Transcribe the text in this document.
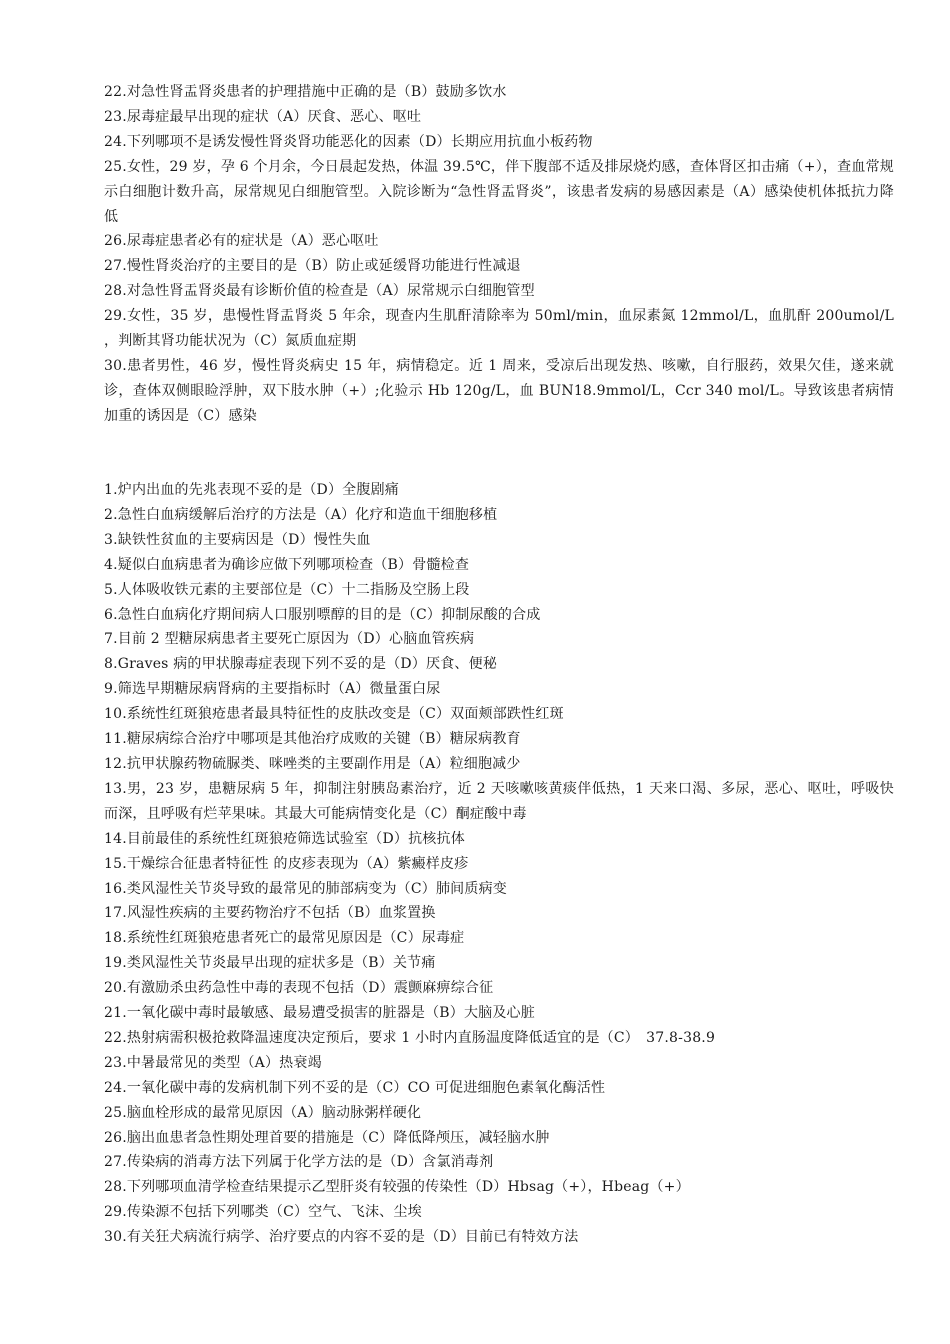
22.对急性肾盂肾炎患者的护理措施中正确的是（B）鼓励多饮水

23.尿毒症最早出现的症状（A）厌食、恶心、呕吐

24.下列哪项不是诱发慢性肾炎肾功能恶化的因素（D）长期应用抗血小板药物

25.女性，29 岁，孕 6 个月余，今日晨起发热，体温 39.5℃，伴下腹部不适及排尿烧灼感，查体肾区扣击痛（+），查血常规示白细胞计数升高，尿常规见白细胞管型。入院诊断为“急性肾盂肾炎”，该患者发病的易感因素是（A）感染使机体抵抗力降低

26.尿毒症患者必有的症状是（A）恶心呕吐

27.慢性肾炎治疗的主要目的是（B）防止或延缓肾功能进行性减退

28.对急性肾盂肾炎最有诊断价值的检查是（A）尿常规示白细胞管型

29.女性，35 岁，患慢性肾盂肾炎 5 年余，现查内生肌酐清除率为 50ml/min，血尿素氮 12mmol/L，血肌酐 200umol/L ，判断其肾功能状况为（C）氮质血症期

30.患者男性，46 岁，慢性肾炎病史 15 年，病情稳定。近 1 周来，受凉后出现发热、咳嗽，自行服药，效果欠佳，遂来就诊，查体双侧眼睑浮肿，双下肢水肿（+）;化验示 Hb 120g/L，血 BUN18.9mmol/L，Ccr 340 mol/L。导致该患者病情加重的诱因是（C）感染

1.炉内出血的先兆表现不妥的是（D）全腹剧痛

2.急性白血病缓解后治疗的方法是（A）化疗和造血干细胞移植

3.缺铁性贫血的主要病因是（D）慢性失血

4.疑似白血病患者为确诊应做下列哪项检查（B）骨髓检查

5.人体吸收铁元素的主要部位是（C）十二指肠及空肠上段

6.急性白血病化疗期间病人口服别嘌醇的目的是（C）抑制尿酸的合成

7.目前 2 型糖尿病患者主要死亡原因为（D）心脑血管疾病

8.Graves 病的甲状腺毒症表现下列不妥的是（D）厌食、便秘

9.筛选早期糖尿病肾病的主要指标时（A）微量蛋白尿

10.系统性红斑狼疮患者最具特征性的皮肤改变是（C）双面颊部跌性红斑

11.糖尿病综合治疗中哪项是其他治疗成败的关键（B）糖尿病教育

12.抗甲状腺药物硫脲类、咪唑类的主要副作用是（A）粒细胞减少

13.男，23 岁，患糖尿病 5 年，抑制注射胰岛素治疗，近 2 天咳嗽咳黄痰伴低热，1 天来口渴、多尿，恶心、呕吐，呼吸快而深，且呼吸有烂苹果味。其最大可能病情变化是（C）酮症酸中毒

14.目前最佳的系统性红斑狼疮筛选试验室（D）抗核抗体

15.干燥综合征患者特征性 的皮疹表现为（A）紫癜样皮疹

16.类风湿性关节炎导致的最常见的肺部病变为（C）肺间质病变

17.风湿性疾病的主要药物治疗不包括（B）血浆置换

18.系统性红斑狼疮患者死亡的最常见原因是（C）尿毒症

19.类风湿性关节炎最早出现的症状多是（B）关节痛

20.有激励杀虫药急性中毒的表现不包括（D）震颤麻痹综合征

21.一氧化碳中毒时最敏感、最易遭受损害的脏器是（B）大脑及心脏

22.热射病需积极抢救降温速度决定预后，要求 1 小时内直肠温度降低适宜的是（C）　37.8-38.9

23.中暑最常见的类型（A）热衰竭

24.一氧化碳中毒的发病机制下列不妥的是（C）CO 可促进细胞色素氧化酶活性

25.脑血栓形成的最常见原因（A）脑动脉粥样硬化

26.脑出血患者急性期处理首要的措施是（C）降低降颅压，减轻脑水肿

27.传染病的消毒方法下列属于化学方法的是（D）含氯消毒剂

28.下列哪项血清学检查结果提示乙型肝炎有较强的传染性（D）Hbsag（+），Hbeag（+）

29.传染源不包括下列哪类（C）空气、飞沫、尘埃

30.有关狂犬病流行病学、治疗要点的内容不妥的是（D）目前已有特效方法
